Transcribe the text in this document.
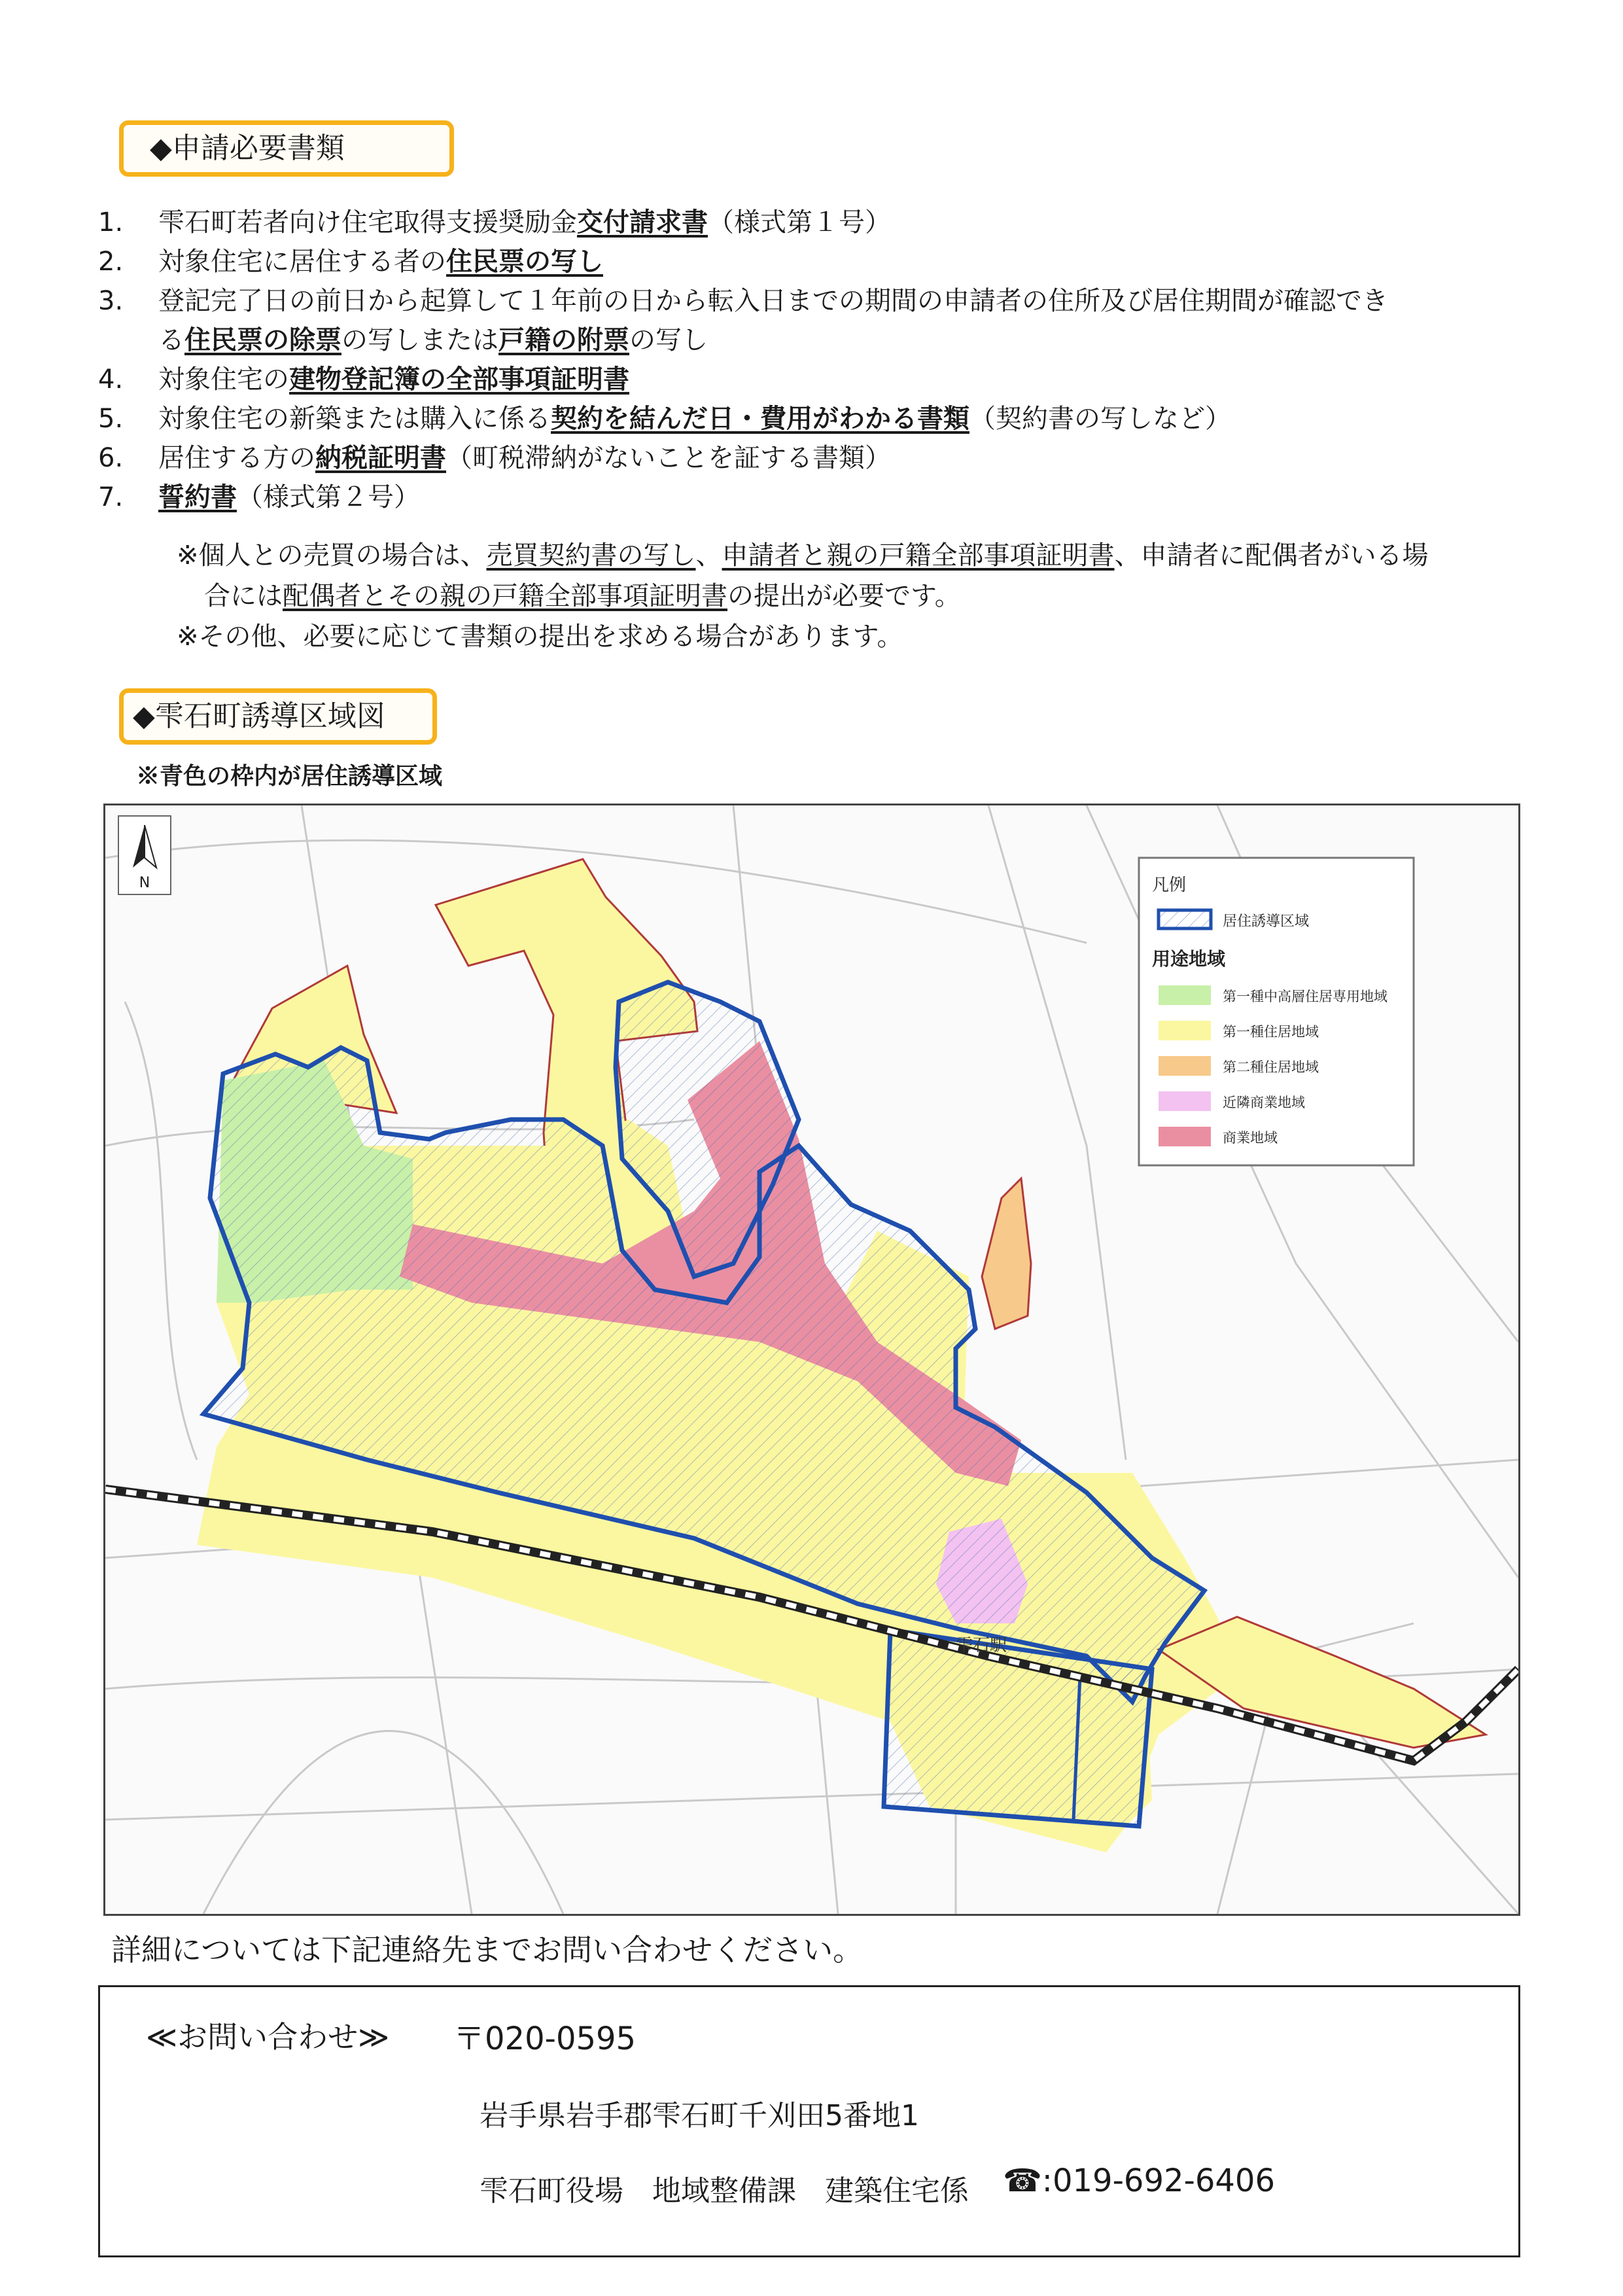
◆申請必要書類
1.	雫石町若者向け住宅取得支援奨励金交付請求書（様式第１号）
2.	対象住宅に居住する者の住民票の写し
3.	登記完了日の前日から起算して１年前の日から転入日までの期間の申請者の住所及び居住期間が確認でき
る住民票の除票の写しまたは戸籍の附票の写し
4.	対象住宅の建物登記簿の全部事項証明書
5.	対象住宅の新築または購入に係る契約を結んだ日・費用がわかる書類（契約書の写しなど）
6.	居住する方の納税証明書（町税滞納がないことを証する書類）
7.	誓約書（様式第２号）
※個人との売買の場合は、売買契約書の写し、申請者と親の戸籍全部事項証明書、申請者に配偶者がいる場
合には配偶者とその親の戸籍全部事項証明書の提出が必要です。
※その他、必要に応じて書類の提出を求める場合があります。
◆雫石町誘導区域図
※青色の枠内が居住誘導区域
雫石駅
N	凡例
居住誘導区域
用途地域
第一種中高層住居専用地域
第一種住居地域
第二種住居地域
近隣商業地域
商業地域
詳細については下記連絡先までお問い合わせください。
≪お問い合わせ≫ 〒020-0595
岩手県岩手郡雫石町千刈田5番地1
雫石町役場　地域整備課　建築住宅係 ☎:019-692-6406
